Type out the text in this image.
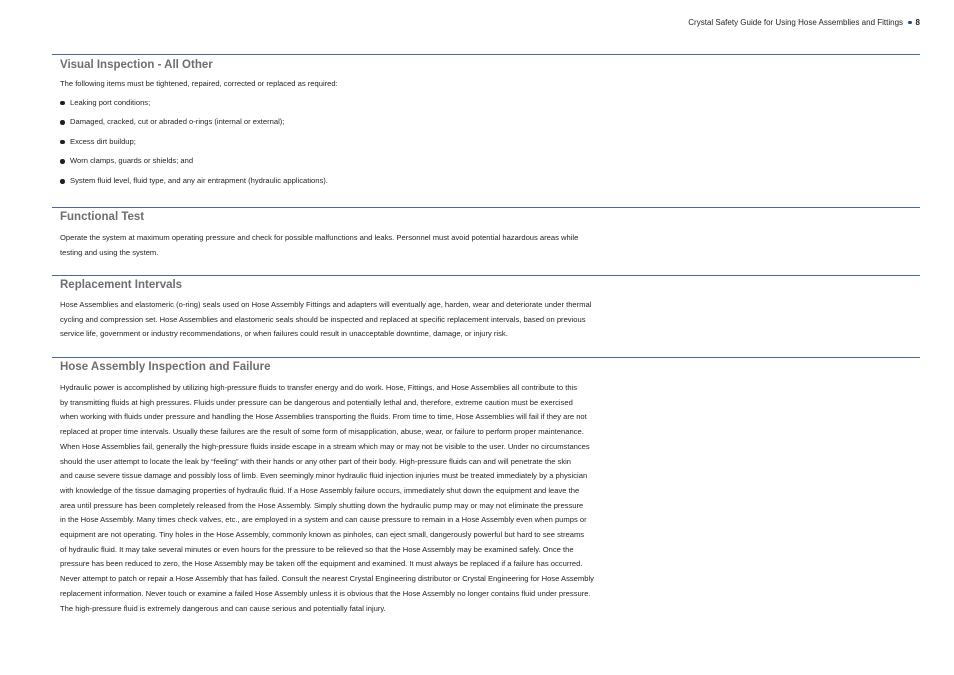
Crystal Safety Guide for Using Hose Assemblies and Fittings 8
Visual Inspection - All Other
The following items must be tightened, repaired, corrected or replaced as required:
Leaking port conditions;
Damaged, cracked, cut or abraded o-rings (internal or external);
Excess dirt buildup;
Worn clamps, guards or shields; and
System fluid level, fluid type, and any air entrapment (hydraulic applications).
Functional Test
Operate the system at maximum operating pressure and check for possible malfunctions and leaks. Personnel must avoid potential hazardous areas while
testing and using the system.
Replacement Intervals
Hose Assemblies and elastomeric (o-ring) seals used on Hose Assembly Fittings and adapters will eventually age, harden, wear and deteriorate under thermal
cycling and compression set. Hose Assemblies and elastomeric seals should be inspected and replaced at specific replacement intervals, based on previous
service life, government or industry recommendations, or when failures could result in unacceptable downtime, damage, or injury risk.
Hose Assembly Inspection and Failure
Hydraulic power is accomplished by utilizing high-pressure fluids to transfer energy and do work. Hose, Fittings, and Hose Assemblies all contribute to this
by transmitting fluids at high pressures. Fluids under pressure can be dangerous and potentially lethal and, therefore, extreme caution must be exercised
when working with fluids under pressure and handling the Hose Assemblies transporting the fluids. From time to time, Hose Assemblies will fail if they are not
replaced at proper time intervals. Usually these failures are the result of some form of misapplication, abuse, wear, or failure to perform proper maintenance.
When Hose Assemblies fail, generally the high-pressure fluids inside escape in a stream which may or may not be visible to the user. Under no circumstances
should the user attempt to locate the leak by “feeling” with their hands or any other part of their body. High-pressure fluids can and will penetrate the skin
and cause severe tissue damage and possibly loss of limb. Even seemingly minor hydraulic fluid injection injuries must be treated immediately by a physician
with knowledge of the tissue damaging properties of hydraulic fluid. If a Hose Assembly failure occurs, immediately shut down the equipment and leave the
area until pressure has been completely released from the Hose Assembly. Simply shutting down the hydraulic pump may or may not eliminate the pressure
in the Hose Assembly. Many times check valves, etc., are employed in a system and can cause pressure to remain in a Hose Assembly even when pumps or
equipment are not operating. Tiny holes in the Hose Assembly, commonly known as pinholes, can eject small, dangerously powerful but hard to see streams
of hydraulic fluid. It may take several minutes or even hours for the pressure to be relieved so that the Hose Assembly may be examined safely. Once the
pressure has been reduced to zero, the Hose Assembly may be taken off the equipment and examined. It must always be replaced if a failure has occurred.
Never attempt to patch or repair a Hose Assembly that has failed. Consult the nearest Crystal Engineering distributor or Crystal Engineering for Hose Assembly
replacement information. Never touch or examine a failed Hose Assembly unless it is obvious that the Hose Assembly no longer contains fluid under pressure.
The high-pressure fluid is extremely dangerous and can cause serious and potentially fatal injury.
